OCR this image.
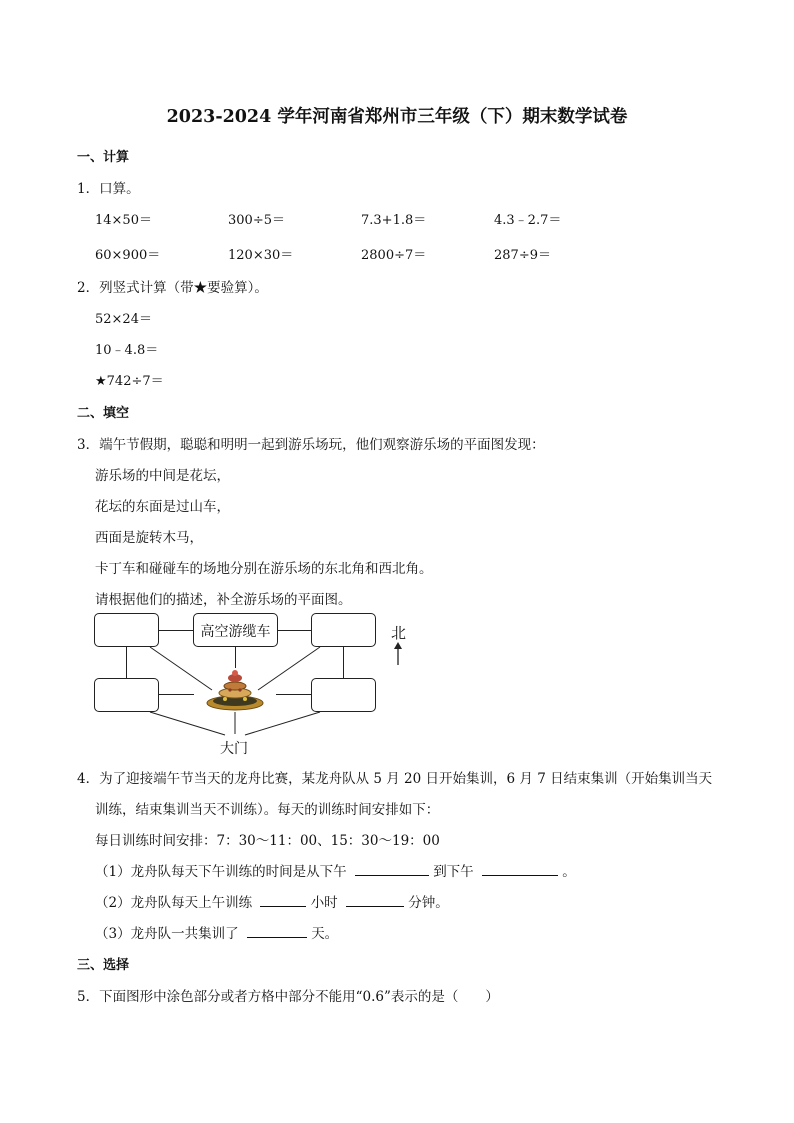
2023-2024 学年河南省郑州市三年级（下）期末数学试卷
一、计算
1．口算。
14×50＝	300÷5＝	7.3+1.8＝	4.3﹣2.7＝
60×900＝	120×30＝	2800÷7＝	287÷9＝
2．列竖式计算（带★要验算）。
52×24＝
10﹣4.8＝
★742÷7＝
二、填空
3．端午节假期，聪聪和明明一起到游乐场玩，他们观察游乐场的平面图发现：
游乐场的中间是花坛，
花坛的东面是过山车，
西面是旋转木马，
卡丁车和碰碰车的场地分别在游乐场的东北角和西北角。
请根据他们的描述，补全游乐场的平面图。
高空游缆车
大门
北
4．为了迎接端午节当天的龙舟比赛，某龙舟队从 5 月 20 日开始集训，6 月 7 日结束集训（开始集训当天
训练，结束集训当天不训练）。每天的训练时间安排如下：
每日训练时间安排：7：30～11：00、15：30～19：00
（1）龙舟队每天下午训练的时间是从下午	到下午	。
（2）龙舟队每天上午训练	小时	分钟。
（3）龙舟队一共集训了	天。
三、选择
5．下面图形中涂色部分或者方格中部分不能用“0.6”表示的是（　　）
